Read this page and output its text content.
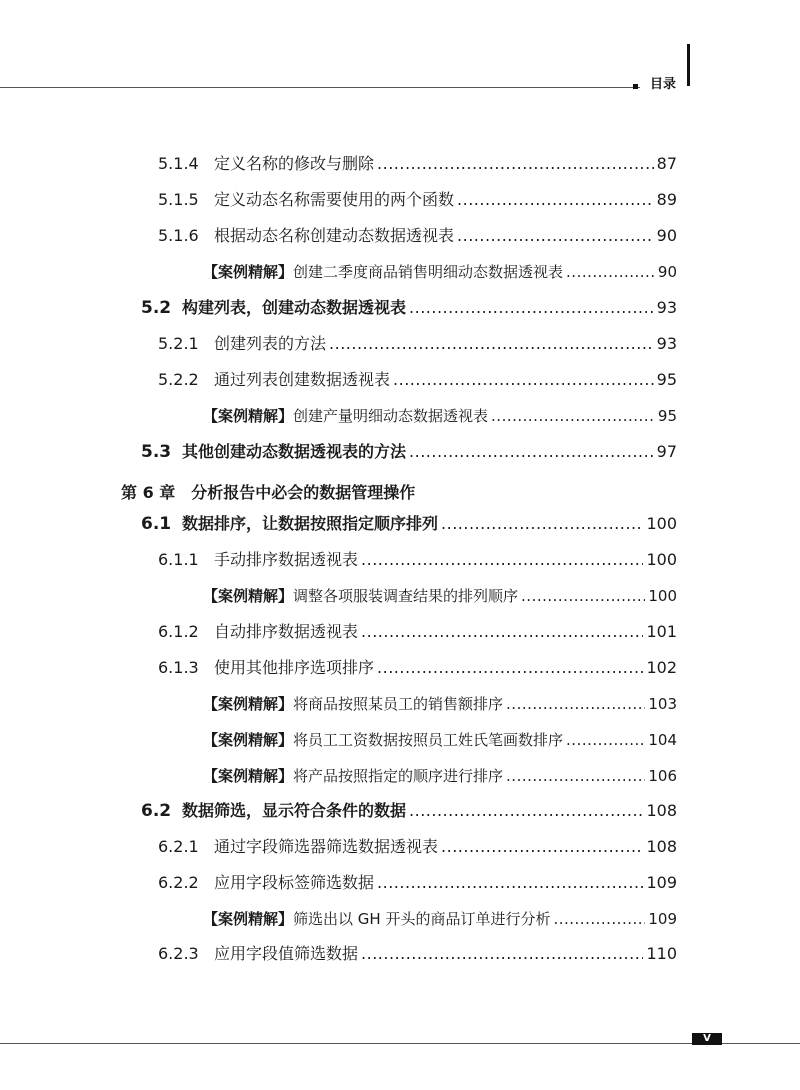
目录
5.1.4 定义名称的修改与删除 .....	87
5.1.5 定义动态名称需要使用的两个函数 .....	89
5.1.6 根据动态名称创建动态数据透视表 .....	90
【案例精解】 创建二季度商品销售明细动态数据透视表 .....	90
5.2 构建列表，创建动态数据透视表 .....	93
5.2.1 创建列表的方法 .....	93
5.2.2 通过列表创建数据透视表 .....	95
【案例精解】 创建产量明细动态数据透视表 .....	95
5.3 其他创建动态数据透视表的方法 .....	97
第 6 章　分析报告中必会的数据管理操作
6.1 数据排序，让数据按照指定顺序排列 .....	100
6.1.1 手动排序数据透视表 .....	100
【案例精解】 调整各项服装调查结果的排列顺序 .....	100
6.1.2 自动排序数据透视表 .....	101
6.1.3 使用其他排序选项排序 .....	102
【案例精解】 将商品按照某员工的销售额排序 .....	103
【案例精解】 将员工工资数据按照员工姓氏笔画数排序 .....	104
【案例精解】 将产品按照指定的顺序进行排序 .....	106
6.2 数据筛选，显示符合条件的数据 .....	108
6.2.1 通过字段筛选器筛选数据透视表 .....	108
6.2.2 应用字段标签筛选数据 .....	109
【案例精解】 筛选出以 GH 开头的商品订单进行分析 .....	109
6.2.3 应用字段值筛选数据 .....	110
V
